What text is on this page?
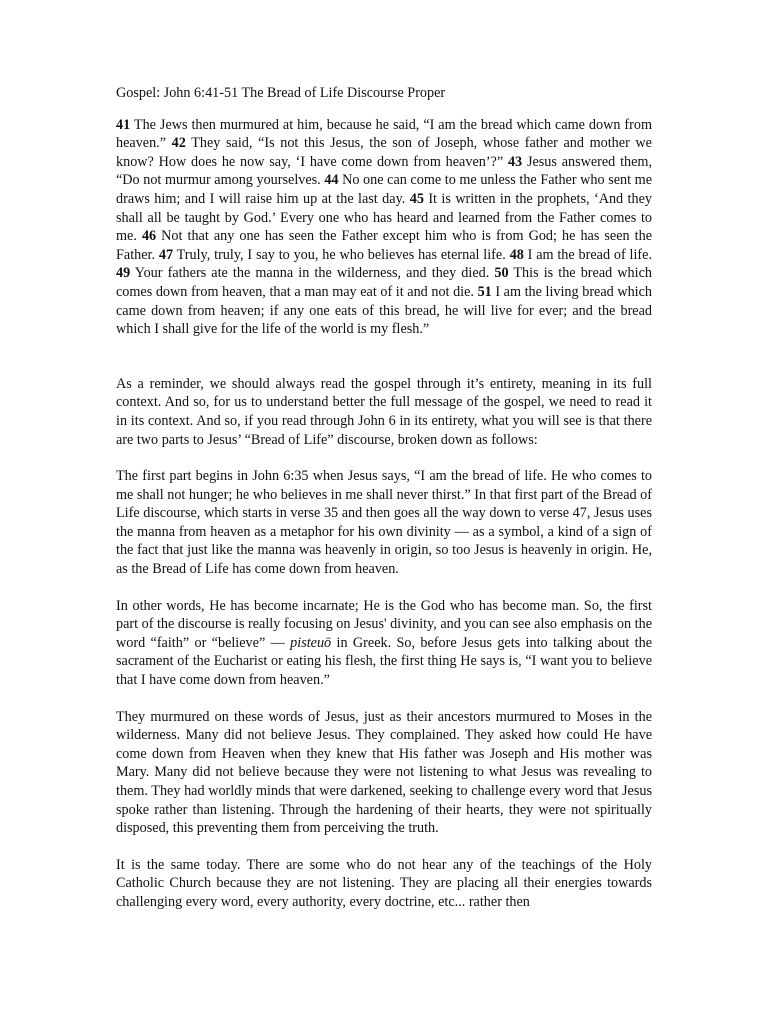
Gospel: John 6:41-51 The Bread of Life Discourse Proper

41 The Jews then murmured at him, because he said, “I am the bread which came down from heaven.” 42 They said, “Is not this Jesus, the son of Joseph, whose father and mother we know? How does he now say, ‘I have come down from heaven’?” 43 Jesus answered them, “Do not murmur among yourselves. 44 No one can come to me unless the Father who sent me draws him; and I will raise him up at the last day. 45 It is written in the prophets, ‘And they shall all be taught by God.’ Every one who has heard and learned from the Father comes to me. 46 Not that any one has seen the Father except him who is from God; he has seen the Father. 47 Truly, truly, I say to you, he who believes has eternal life. 48 I am the bread of life. 49 Your fathers ate the manna in the wilderness, and they died. 50 This is the bread which comes down from heaven, that a man may eat of it and not die. 51 I am the living bread which came down from heaven; if any one eats of this bread, he will live for ever; and the bread which I shall give for the life of the world is my flesh.”

As a reminder, we should always read the gospel through it’s entirety, meaning in its full context. And so, for us to understand better the full message of the gospel, we need to read it in its context. And so, if you read through John 6 in its entirety, what you will see is that there are two parts to Jesus’ “Bread of Life” discourse, broken down as follows:

The first part begins in John 6:35 when Jesus says, “I am the bread of life. He who comes to me shall not hunger; he who believes in me shall never thirst.” In that first part of the Bread of Life discourse, which starts in verse 35 and then goes all the way down to verse 47, Jesus uses the manna from heaven as a metaphor for his own divinity — as a symbol, a kind of a sign of the fact that just like the manna was heavenly in origin, so too Jesus is heavenly in origin. He, as the Bread of Life has come down from heaven.

In other words, He has become incarnate; He is the God who has become man. So, the first part of the discourse is really focusing on Jesus' divinity, and you can see also emphasis on the word “faith” or “believe” — pisteuō in Greek. So, before Jesus gets into talking about the sacrament of the Eucharist or eating his flesh, the first thing He says is, “I want you to believe that I have come down from heaven.”

They murmured on these words of Jesus, just as their ancestors murmured to Moses in the wilderness. Many did not believe Jesus. They complained. They asked how could He have come down from Heaven when they knew that His father was Joseph and His mother was Mary. Many did not believe because they were not listening to what Jesus was revealing to them. They had worldly minds that were darkened, seeking to challenge every word that Jesus spoke rather than listening. Through the hardening of their hearts, they were not spiritually disposed, this preventing them from perceiving the truth.

It is the same today. There are some who do not hear any of the teachings of the Holy Catholic Church because they are not listening. They are placing all their energies towards challenging every word, every authority, every doctrine, etc... rather then
